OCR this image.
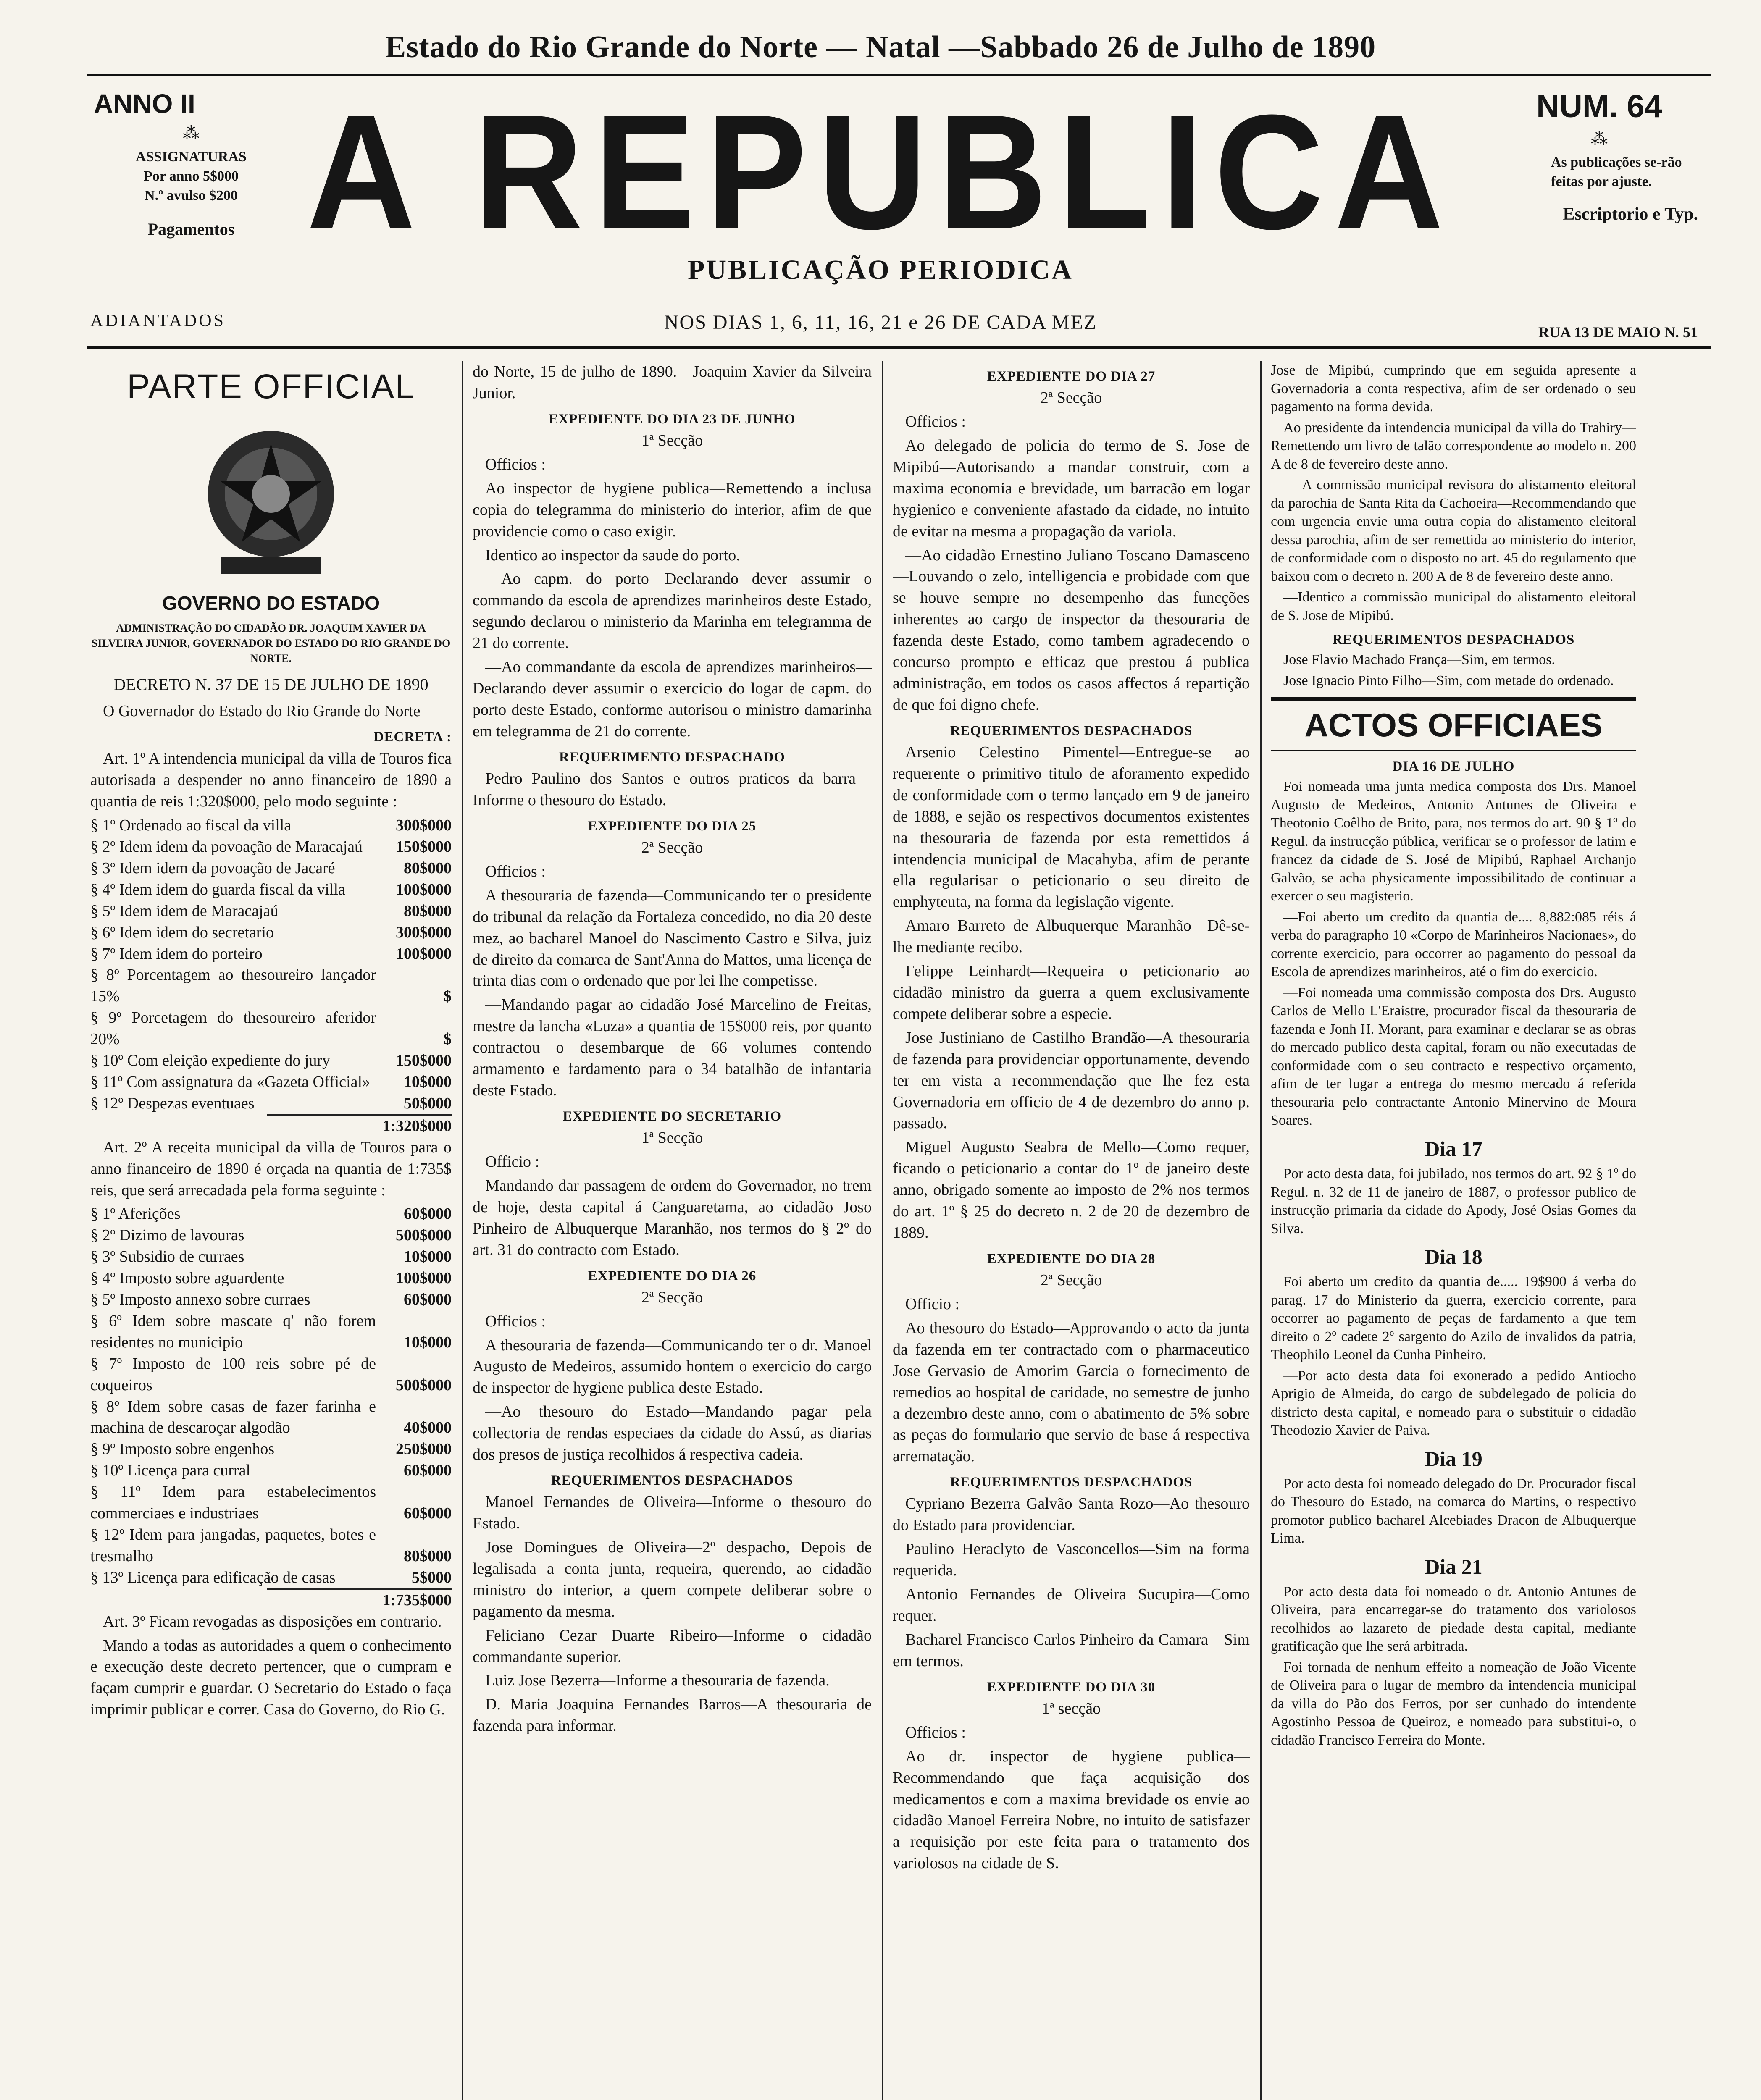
Estado do Rio Grande do Norte — Natal —Sabbado 26 de Julho de 1890
ANNO II
⁂
ASSIGNATURAS
Por anno 5$000
N.º avulso $200
Pagamentos A REPUBLICA
PUBLICAÇÃO PERIODICA
NUM. 64
⁂
As publicações se-rão feitas por ajuste.
Escriptorio e Typ.
ADIANTADOS	NOS DIAS 1, 6, 11, 16, 21 e 26 DE CADA MEZ	RUA 13 DE MAIO N. 51
PARTE OFFICIAL
GOVERNO DO ESTADO
ADMINISTRAÇÃO DO CIDADÃO DR. JOAQUIM XAVIER DA SILVEIRA JUNIOR, GOVERNADOR DO ESTADO DO RIO GRANDE DO NORTE.
DECRETO N. 37 DE 15 DE JULHO DE 1890

O Governador do Estado do Rio Grande do Norte

DECRETA :

Art. 1º A intendencia municipal da villa de Touros fica autorisada a despender no anno financeiro de 1890 a quantia de reis 1:320$000, pelo modo seguinte :

§ 1º Ordenado ao fiscal da villa	300$000
§ 2º Idem idem da povoação de Maracajaú	150$000
§ 3º Idem idem da povoação de Jacaré	80$000
§ 4º Idem idem do guarda fiscal da villa	100$000
§ 5º Idem idem de Maracajaú	80$000
§ 6º Idem idem do secretario	300$000
§ 7º Idem idem do porteiro	100$000
§ 8º Porcentagem ao thesoureiro lançador 15%	$
§ 9º Porcetagem do thesoureiro aferidor 20%	$
§ 10º Com eleição expediente do jury	150$000
§ 11º Com assignatura da «Gazeta Official»	10$000
§ 12º Despezas eventuaes	50$000
1:320$000

Art. 2º A receita municipal da villa de Touros para o anno financeiro de 1890 é orçada na quantia de 1:735$ reis, que será arrecadada pela forma seguinte :

§ 1º Aferições	60$000
§ 2º Dizimo de lavouras	500$000
§ 3º Subsidio de curraes	10$000
§ 4º Imposto sobre aguardente	100$000
§ 5º Imposto annexo sobre curraes	60$000
§ 6º Idem sobre mascate q' não forem residentes no municipio	10$000
§ 7º Imposto de 100 reis sobre pé de coqueiros	500$000
§ 8º Idem sobre casas de fazer farinha e machina de descaroçar algodão	40$000
§ 9º Imposto sobre engenhos	250$000
§ 10º Licença para curral	60$000
§ 11º Idem para estabelecimentos commerciaes e industriaes	60$000
§ 12º Idem para jangadas, paquetes, botes e tresmalho	80$000
§ 13º Licença para edificação de casas	5$000
1:735$000

Art. 3º Ficam revogadas as disposições em contrario.

Mando a todas as autoridades a quem o conhecimento e execução deste decreto pertencer, que o cumpram e façam cumprir e guardar. O Secretario do Estado o faça imprimir publicar e correr. Casa do Governo, do Rio G.

do Norte, 15 de julho de 1890.—Joaquim Xavier da Silveira Junior.

EXPEDIENTE DO DIA 23 DE JUNHO
1ª Secção

Officios :

Ao inspector de hygiene publica—Remettendo a inclusa copia do telegramma do ministerio do interior, afim de que providencie como o caso exigir.

Identico ao inspector da saude do porto.

—Ao capm. do porto—Declarando dever assumir o commando da escola de aprendizes marinheiros deste Estado, segundo declarou o ministerio da Marinha em telegramma de 21 do corrente.

—Ao commandante da escola de aprendizes marinheiros—Declarando dever assumir o exercicio do logar de capm. do porto deste Estado, conforme autorisou o ministro damarinha em telegramma de 21 do corrente.

REQUERIMENTO DESPACHADO

Pedro Paulino dos Santos e outros praticos da barra—Informe o thesouro do Estado.

EXPEDIENTE DO DIA 25
2ª Secção

Officios :

A thesouraria de fazenda—Communicando ter o presidente do tribunal da relação da Fortaleza concedido, no dia 20 deste mez, ao bacharel Manoel do Nascimento Castro e Silva, juiz de direito da comarca de Sant'Anna do Mattos, uma licença de trinta dias com o ordenado que por lei lhe competisse.

—Mandando pagar ao cidadão José Marcelino de Freitas, mestre da lancha «Luza» a quantia de 15$000 reis, por quanto contractou o desembarque de 66 volumes contendo armamento e fardamento para o 34 batalhão de infantaria deste Estado.

EXPEDIENTE DO SECRETARIO
1ª Secção

Officio :

Mandando dar passagem de ordem do Governador, no trem de hoje, desta capital á Canguaretama, ao cidadão Joso Pinheiro de Albuquerque Maranhão, nos termos do § 2º do art. 31 do contracto com Estado.

EXPEDIENTE DO DIA 26
2ª Secção

Officios :

A thesouraria de fazenda—Communicando ter o dr. Manoel Augusto de Medeiros, assumido hontem o exercicio do cargo de inspector de hygiene publica deste Estado.

—Ao thesouro do Estado—Mandando pagar pela collectoria de rendas especiaes da cidade do Assú, as diarias dos presos de justiça recolhidos á respectiva cadeia.

REQUERIMENTOS DESPACHADOS

Manoel Fernandes de Oliveira—Informe o thesouro do Estado.

Jose Domingues de Oliveira—2º despacho, Depois de legalisada a conta junta, requeira, querendo, ao cidadão ministro do interior, a quem compete deliberar sobre o pagamento da mesma.

Feliciano Cezar Duarte Ribeiro—Informe o cidadão commandante superior.

Luiz Jose Bezerra—Informe a thesouraria de fazenda.

D. Maria Joaquina Fernandes Barros—A thesouraria de fazenda para informar.

EXPEDIENTE DO DIA 27
2ª Secção

Officios :

Ao delegado de policia do termo de S. Jose de Mipibú—Autorisando a mandar construir, com a maxima economia e brevidade, um barracão em logar hygienico e conveniente afastado da cidade, no intuito de evitar na mesma a propagação da variola.

—Ao cidadão Ernestino Juliano Toscano Damasceno—Louvando o zelo, intelligencia e probidade com que se houve sempre no desempenho das funcções inherentes ao cargo de inspector da thesouraria de fazenda deste Estado, como tambem agradecendo o concurso prompto e efficaz que prestou á publica administração, em todos os casos affectos á repartição de que foi digno chefe.

REQUERIMENTOS DESPACHADOS

Arsenio Celestino Pimentel—Entregue-se ao requerente o primitivo titulo de aforamento expedido de conformidade com o termo lançado em 9 de janeiro de 1888, e sejão os respectivos documentos existentes na thesouraria de fazenda por esta remettidos á intendencia municipal de Macahyba, afim de perante ella regularisar o peticionario o seu direito de emphyteuta, na forma da legislação vigente.

Amaro Barreto de Albuquerque Maranhão—Dê-se-lhe mediante recibo.

Felippe Leinhardt—Requeira o peticionario ao cidadão ministro da guerra a quem exclusivamente compete deliberar sobre a especie.

Jose Justiniano de Castilho Brandão—A thesouraria de fazenda para providenciar opportunamente, devendo ter em vista a recommendação que lhe fez esta Governadoria em officio de 4 de dezembro do anno p. passado.

Miguel Augusto Seabra de Mello—Como requer, ficando o peticionario a contar do 1º de janeiro deste anno, obrigado somente ao imposto de 2% nos termos do art. 1º § 25 do decreto n. 2 de 20 de dezembro de 1889.

EXPEDIENTE DO DIA 28
2ª Secção

Officio :

Ao thesouro do Estado—Approvando o acto da junta da fazenda em ter contractado com o pharmaceutico Jose Gervasio de Amorim Garcia o fornecimento de remedios ao hospital de caridade, no semestre de junho a dezembro deste anno, com o abatimento de 5% sobre as peças do formulario que servio de base á respectiva arrematação.

REQUERIMENTOS DESPACHADOS

Cypriano Bezerra Galvão Santa Rozo—Ao thesouro do Estado para providenciar.

Paulino Heraclyto de Vasconcellos—Sim na forma requerida.

Antonio Fernandes de Oliveira Sucupira—Como requer.

Bacharel Francisco Carlos Pinheiro da Camara—Sim em termos.

EXPEDIENTE DO DIA 30
1ª secção

Officios :

Ao dr. inspector de hygiene publica—Recommendando que faça acquisição dos medicamentos e com a maxima brevidade os envie ao cidadão Manoel Ferreira Nobre, no intuito de satisfazer a requisição por este feita para o tratamento dos variolosos na cidade de S.

Jose de Mipibú, cumprindo que em seguida apresente a Governadoria a conta respectiva, afim de ser ordenado o seu pagamento na forma devida.

Ao presidente da intendencia municipal da villa do Trahiry—Remettendo um livro de talão correspondente ao modelo n. 200 A de 8 de fevereiro deste anno.

— A commissão municipal revisora do alistamento eleitoral da parochia de Santa Rita da Cachoeira—Recommendando que com urgencia envie uma outra copia do alistamento eleitoral dessa parochia, afim de ser remettida ao ministerio do interior, de conformidade com o disposto no art. 45 do regulamento que baixou com o decreto n. 200 A de 8 de fevereiro deste anno.

—Identico a commissão municipal do alistamento eleitoral de S. Jose de Mipibú.

REQUERIMENTOS DESPACHADOS

Jose Flavio Machado França—Sim, em termos.

Jose Ignacio Pinto Filho—Sim, com metade do ordenado.

ACTOS OFFICIAES
DIA 16 DE JULHO

Foi nomeada uma junta medica composta dos Drs. Manoel Augusto de Medeiros, Antonio Antunes de Oliveira e Theotonio Coêlho de Brito, para, nos termos do art. 90 § 1º do Regul. da instrucção pública, verificar se o professor de latim e francez da cidade de S. José de Mipibú, Raphael Archanjo Galvão, se acha physicamente impossibilitado de continuar a exercer o seu magisterio.

—Foi aberto um credito da quantia de.... 8,882:085 réis á verba do paragrapho 10 «Corpo de Marinheiros Nacionaes», do corrente exercicio, para occorrer ao pagamento do pessoal da Escola de aprendizes marinheiros, até o fim do exercicio.

—Foi nomeada uma commissão composta dos Drs. Augusto Carlos de Mello L'Eraistre, procurador fiscal da thesouraria de fazenda e Jonh H. Morant, para examinar e declarar se as obras do mercado publico desta capital, foram ou não executadas de conformidade com o seu contracto e respectivo orçamento, afim de ter lugar a entrega do mesmo mercado á referida thesouraria pelo contractante Antonio Minervino de Moura Soares.

Dia 17

Por acto desta data, foi jubilado, nos termos do art. 92 § 1º do Regul. n. 32 de 11 de janeiro de 1887, o professor publico de instrucção primaria da cidade do Apody, José Osias Gomes da Silva.

Dia 18

Foi aberto um credito da quantia de..... 19$900 á verba do parag. 17 do Ministerio da guerra, exercicio corrente, para occorrer ao pagamento de peças de fardamento a que tem direito o 2º cadete 2º sargento do Azilo de invalidos da patria, Theophilo Leonel da Cunha Pinheiro.

—Por acto desta data foi exonerado a pedido Antiocho Aprigio de Almeida, do cargo de subdelegado de policia do districto desta capital, e nomeado para o substituir o cidadão Theodozio Xavier de Paiva.

Dia 19

Por acto desta foi nomeado delegado do Dr. Procurador fiscal do Thesouro do Estado, na comarca do Martins, o respectivo promotor publico bacharel Alcebiades Dracon de Albuquerque Lima.

Dia 21

Por acto desta data foi nomeado o dr. Antonio Antunes de Oliveira, para encarregar-se do tratamento dos variolosos recolhidos ao lazareto de piedade desta capital, mediante gratificação que lhe será arbitrada.

Foi tornada de nenhum effeito a nomeação de João Vicente de Oliveira para o lugar de membro da intendencia municipal da villa do Pão dos Ferros, por ser cunhado do intendente Agostinho Pessoa de Queiroz, e nomeado para substitui-o, o cidadão Francisco Ferreira do Monte.
